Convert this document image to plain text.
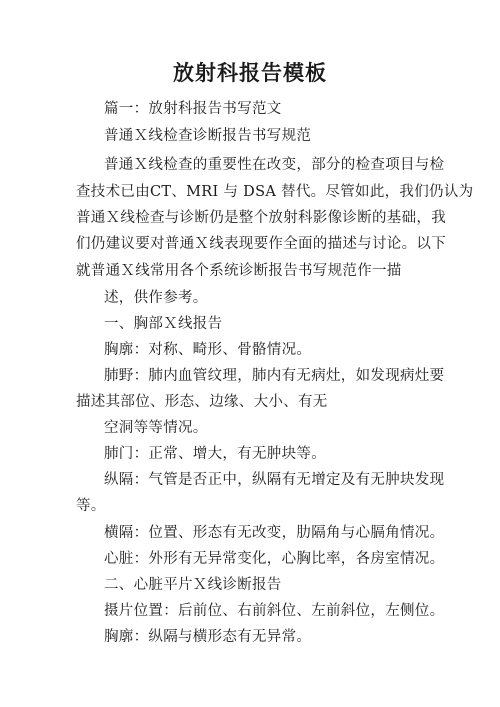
放射科报告模板
篇一：放射科报告书写范文
普通Ｘ线检查诊断报告书写规范
普通Ｘ线检查的重要性在改变，部分的检查项目与检
查技术已由CT、MRI 与 DSA 替代。尽管如此，我们仍认为
普通Ｘ线检查与诊断仍是整个放射科影像诊断的基础，我
们仍建议要对普通Ｘ线表现要作全面的描述与讨论。以下
就普通Ｘ线常用各个系统诊断报告书写规范作一描
述，供作参考。
一、胸部Ｘ线报告
胸廓：对称、畸形、骨骼情况。
肺野：肺内血管纹理，肺内有无病灶，如发现病灶要
描述其部位、形态、边缘、大小、有无
空洞等等情况。
肺门：正常、增大，有无肿块等。
纵隔：气管是否正中，纵隔有无增定及有无肿块发现
等。
横隔：位置、形态有无改变，肋隔角与心膈角情况。
心脏：外形有无异常变化，心胸比率，各房室情况。
二、心脏平片Ｘ线诊断报告
摄片位置：后前位、右前斜位、左前斜位，左侧位。
胸廓：纵隔与横形态有无异常。
